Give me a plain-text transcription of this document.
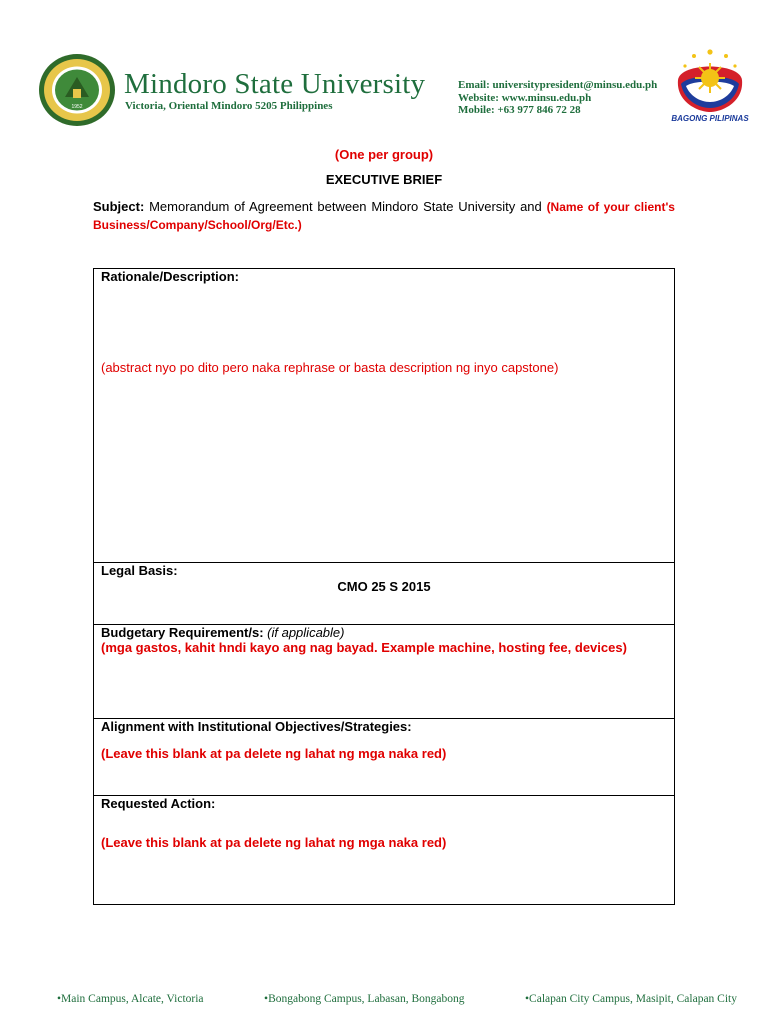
1952
Mindoro State University
Victoria, Oriental Mindoro 5205 Philippines
Email: universitypresident@minsu.edu.ph
Website: www.minsu.edu.ph
Mobile: +63 977 846 72 28
BAGONG PILIPINAS
(One per group)
EXECUTIVE BRIEF
Subject: Memorandum of Agreement between Mindoro State University and (Name of your client's Business/Company/School/Org/Etc.)
Rationale/Description:
(abstract nyo po dito pero naka rephrase or basta description ng inyo capstone)

Legal Basis:
CMO 25 S 2015

Budgetary Requirement/s: (if applicable)
(mga gastos, kahit hndi kayo ang nag bayad. Example machine, hosting fee, devices)

Alignment with Institutional Objectives/Strategies:
(Leave this blank at pa delete ng lahat ng mga naka red)

Requested Action:
(Leave this blank at pa delete ng lahat ng mga naka red)
•Main Campus, Alcate, Victoria	•Bongabong Campus, Labasan, Bongabong	•Calapan City Campus, Masipit, Calapan City
